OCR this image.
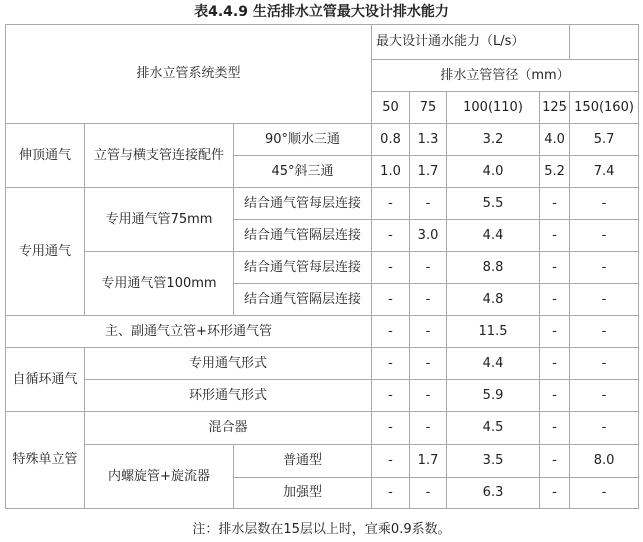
表4.4.9 生活排水立管最大设计排水能力
排水立管系统类型			最大设计通水能力（L/s）				
			排水立管管径（mm）				
			50	75	100(110)	125	150(160)
伸顶通气	立管与横支管连接配件	90°顺水三通	0.8	1.3	3.2	4.0	5.7
		45°斜三通	1.0	1.7	4.0	5.2	7.4
专用通气	专用通气管75mm	结合通气管每层连接	-	-	5.5	-	-
		结合通气管隔层连接	-	3.0	4.4	-	-
	专用通气管100mm	结合通气管每层连接	-	-	8.8	-	-
		结合通气管隔层连接	-	-	4.8	-	-
主、副通气立管+环形通气管			-	-	11.5	-	-
自循环通气	专用通气形式		-	-	4.4	-	-
	环形通气形式		-	-	5.9	-	-
特殊单立管	混合器		-	-	4.5	-	-
	内螺旋管+旋流器	普通型	-	1.7	3.5	-	8.0
		加强型	-	-	6.3	-	-
注：排水层数在15层以上时，宜乘0.9系数。
